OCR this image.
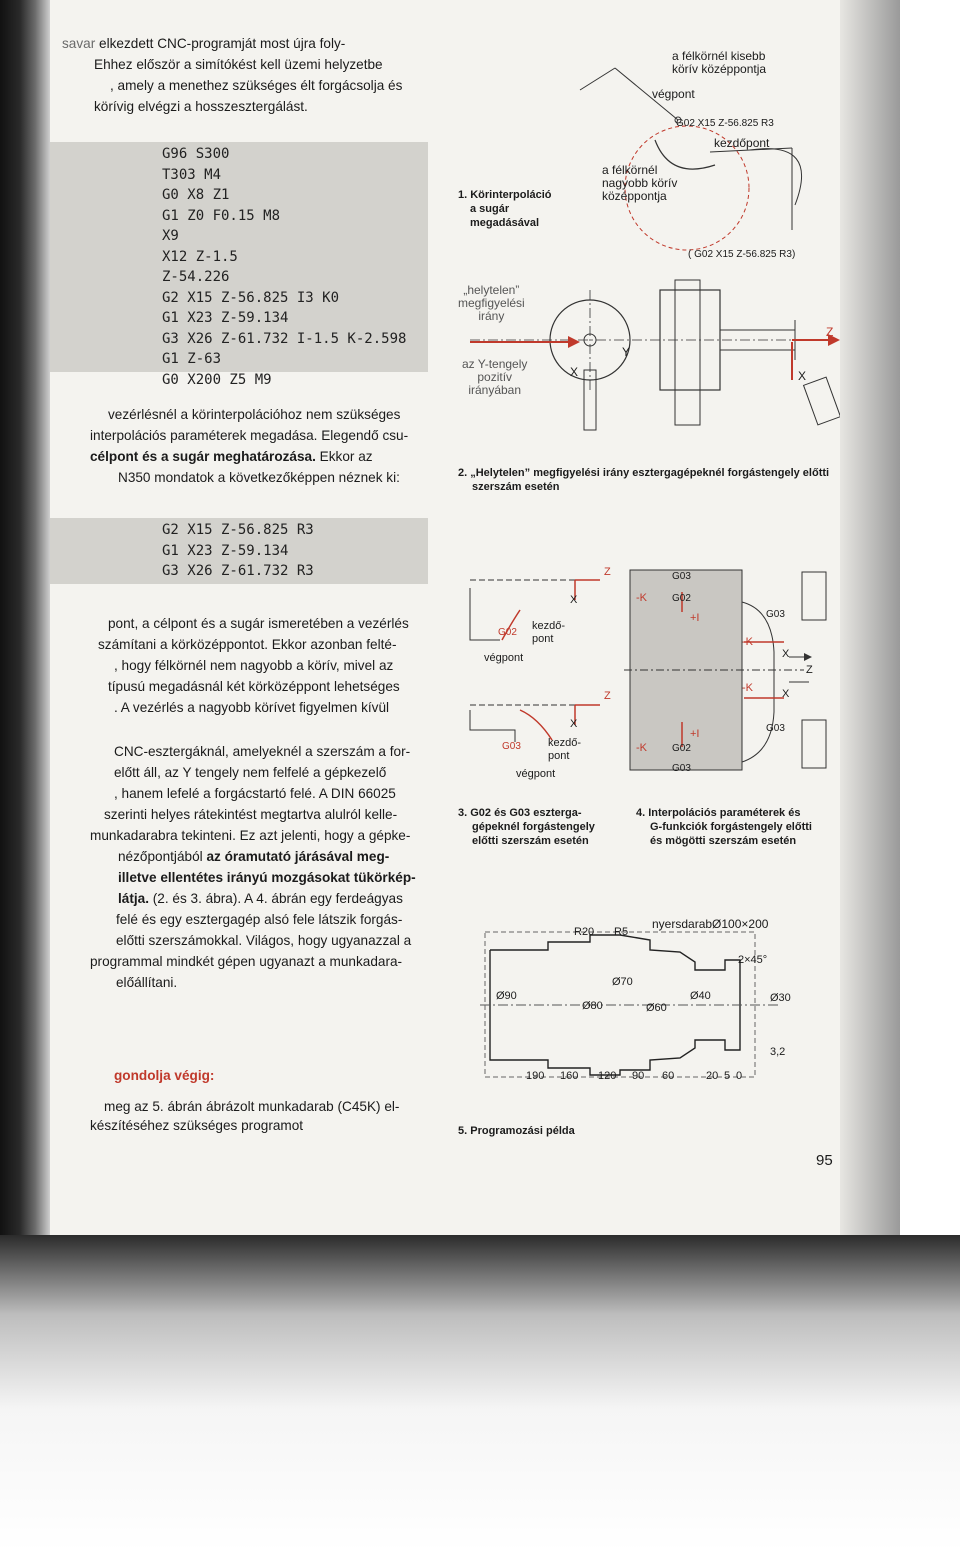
savar elkezdett CNC-programját most újra foly-
Ehhez először a simítókést kell üzemi helyzetbe
, amely a menethez szükséges élt forgácsolja és
körívig elvégzi a hosszesztergálást.
G96 S300
T303 M4
G0 X8 Z1
G1 Z0 F0.15 M8
X9
X12 Z-1.5
Z-54.226
G2 X15 Z-56.825 I3 K0
G1 X23 Z-59.134
G3 X26 Z-61.732 I-1.5 K-2.598
G1 Z-63
G0 X200 Z5 M9
vezérlésnél a körinterpolációhoz nem szükséges
interpolációs paraméterek megadása. Elegendő csu-
célpont és a sugár meghatározása. Ekkor az
N350 mondatok a következőképpen néznek ki:
G2 X15 Z-56.825 R3
G1 X23 Z-59.134
G3 X26 Z-61.732 R3
pont, a célpont és a sugár ismeretében a vezérlés
számítani a körközéppontot. Ekkor azonban felté-
, hogy félkörnél nem nagyobb a körív, mivel az
típusú megadásnál két körközéppont lehetséges
. A vezérlés a nagyobb körívet figyelmen kívül
CNC-esztergáknál, amelyeknél a szerszám a for-
előtt áll, az Y tengely nem felfelé a gépkezelő
, hanem lefelé a forgácstartó felé. A DIN 66025
szerinti helyes rátekintést megtartva alulról kelle-
munkadarabra tekinteni. Ez azt jelenti, hogy a gépke-
nézőpontjából az óramutató járásával meg-
illetve ellentétes irányú mozgásokat tükörkép-
látja. (2. és 3. ábra). A 4. ábrán egy ferdeágyas
felé és egy esztergagép alsó fele látszik forgás-
előtti szerszámokkal. Világos, hogy ugyanazzal a
programmal mindkét gépen ugyanazt a munkadara-
előállítani.
gondolja végig:
meg az 5. ábrán ábrázolt munkadarab (C45K) el-
készítéséhez szükséges programot
1. Körinterpoláció
a sugár
megadásával
a félkörnél kisebb
körív középpontja
végpont
G02 X15 Z-56.825 R3
kezdőpont
a félkörnél
nagyobb körív
középpontja
( G02 X15 Z-56.825 R3)
„helytelen”
megfigyelési
irány
az Y-tengely
pozitív
irányában
Z
X
Y
X
2. „Helytelen” megfigyelési irány esztergagépeknél forgástengely előtti
szerszám esetén
Z
X
G02
kezdő-
pont
végpont
Z
X
G03 kezdő-
pont
végpont
3. G02 és G03 eszterga-
gépeknél forgástengely
előtti szerszám esetén
G03
G02
-K
+I	G03
-K
X
Z
-K	X
G03
+I
-K	G02
G03
4. Interpolációs paraméterek és
G-funkciók forgástengely előtti
és mögötti szerszám esetén
nyersdarabØ100×200
R20 R5
Ø90
Ø80
Ø70
Ø60
Ø40	Ø30
2×45°
3,2
190 160 120 90 60	20 5 0
5. Programozási példa
95
